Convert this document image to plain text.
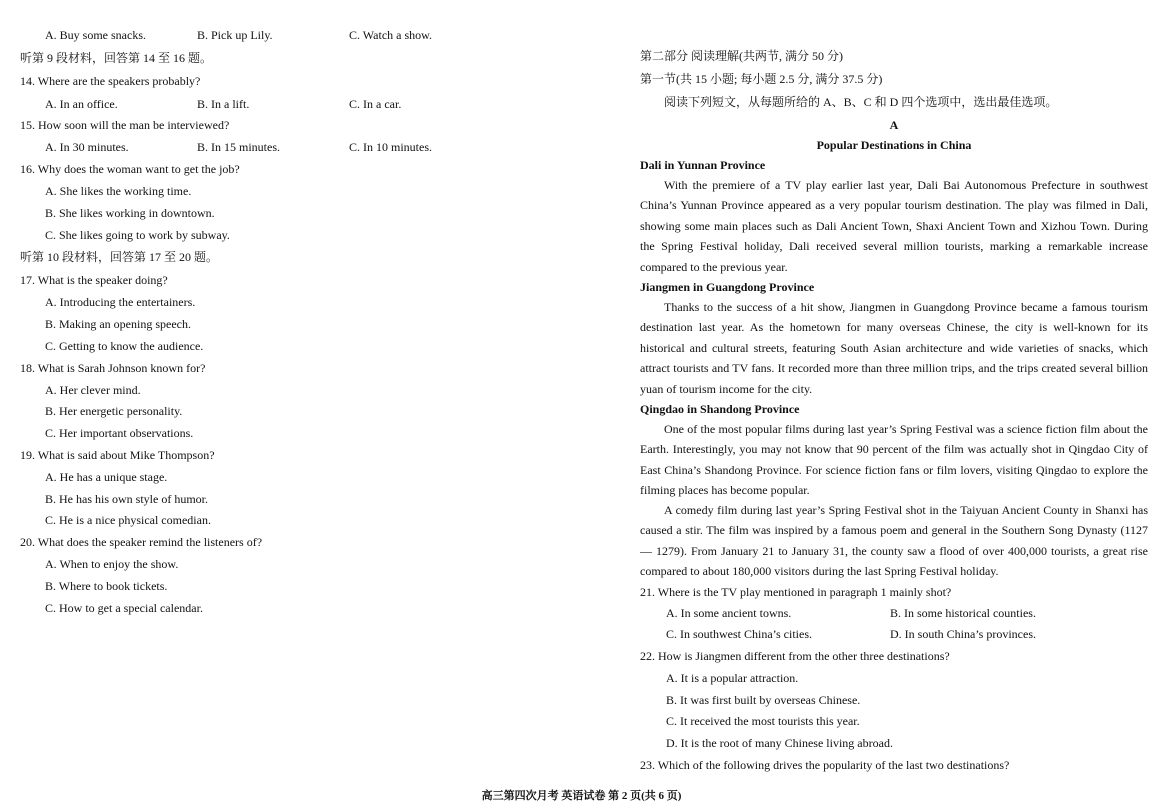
A. Buy some snacks.	B. Pick up Lily.	C. Watch a show.
听第 9 段材料，回答第 14 至 16 题。
14. Where are the speakers probably?
A. In an office.	B. In a lift.	C. In a car.
15. How soon will the man be interviewed?
A. In 30 minutes.	B. In 15 minutes.	C. In 10 minutes.
16. Why does the woman want to get the job?
A. She likes the working time.
B. She likes working in downtown.
C. She likes going to work by subway.
听第 10 段材料，回答第 17 至 20 题。
17. What is the speaker doing?
A. Introducing the entertainers.
B. Making an opening speech.
C. Getting to know the audience.
18. What is Sarah Johnson known for?
A. Her clever mind.
B. Her energetic personality.
C. Her important observations.
19. What is said about Mike Thompson?
A. He has a unique stage.
B. He has his own style of humor.
C. He is a nice physical comedian.
20. What does the speaker remind the listeners of?
A. When to enjoy the show.
B. Where to book tickets.
C. How to get a special calendar.
第二部分 阅读理解(共两节, 满分 50 分)
第一节(共 15 小题; 每小题 2.5 分, 满分 37.5 分)
阅读下列短文，从每题所给的 A、B、C 和 D 四个选项中，选出最佳选项。
A
Popular Destinations in China
Dali in Yunnan Province

With the premiere of a TV play earlier last year, Dali Bai Autonomous Prefecture in southwest China’s Yunnan Province appeared as a very popular tourism destination. The play was filmed in Dali, showing some main places such as Dali Ancient Town, Shaxi Ancient Town and Xizhou Town. During the Spring Festival holiday, Dali received several million tourists, marking a remarkable increase compared to the previous year.

Jiangmen in Guangdong Province

Thanks to the success of a hit show, Jiangmen in Guangdong Province became a famous tourism destination last year. As the hometown for many overseas Chinese, the city is well-known for its historical and cultural streets, featuring South Asian architecture and wide varieties of snacks, which attract tourists and TV fans. It recorded more than three million trips, and the trips created several billion yuan of tourism income for the city.

Qingdao in Shandong Province

One of the most popular films during last year’s Spring Festival was a science fiction film about the Earth. Interestingly, you may not know that 90 percent of the film was actually shot in Qingdao City of East China’s Shandong Province. For science fiction fans or film lovers, visiting Qingdao to explore the filming places has become popular.

A comedy film during last year’s Spring Festival shot in the Taiyuan Ancient County in Shanxi has caused a stir. The film was inspired by a famous poem and general in the Southern Song Dynasty (1127 — 1279). From January 21 to January 31, the county saw a flood of over 400,000 tourists, a great rise compared to about 180,000 visitors during the last Spring Festival holiday.

21. Where is the TV play mentioned in paragraph 1 mainly shot?
A. In some ancient towns.	B. In some historical counties.
C. In southwest China’s cities.	D. In south China’s provinces.
22. How is Jiangmen different from the other three destinations?
A. It is a popular attraction.
B. It was first built by overseas Chinese.
C. It received the most tourists this year.
D. It is the root of many Chinese living abroad.
23. Which of the following drives the popularity of the last two destinations?
高三第四次月考 英语试卷 第 2 页(共 6 页)
